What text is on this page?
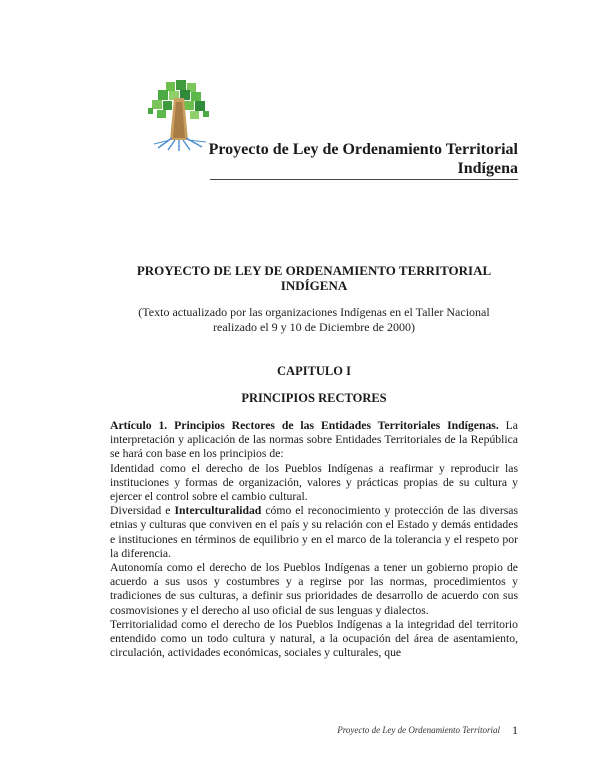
Proyecto de Ley de Ordenamiento Territorial
Indígena
PROYECTO DE LEY DE ORDENAMIENTO TERRITORIAL
INDÍGENA
(Texto actualizado por las organizaciones Indígenas en el Taller Nacional
realizado el 9 y 10 de Diciembre de 2000)
CAPITULO I
PRINCIPIOS RECTORES

Artículo 1. Principios Rectores de las Entidades Territoriales Indígenas. La interpretación y aplicación de las normas sobre Entidades Territoriales de la República se hará con base en los principios de:

Identidad como el derecho de los Pueblos Indígenas a reafirmar y reproducir las instituciones y formas de organización, valores y prácticas propias de su cultura y ejercer el control sobre el cambio cultural.

Diversidad e Interculturalidad cómo el reconocimiento y protección de las diversas etnias y culturas que conviven en el país y su relación con el Estado y demás entidades e instituciones en términos de equilibrio y en el marco de la tolerancia y el respeto por la diferencia.

Autonomía como el derecho de los Pueblos Indígenas a tener un gobierno propio de acuerdo a sus usos y costumbres y a regirse por las normas, procedimientos y tradiciones de sus culturas, a definir sus prioridades de desarrollo de acuerdo con sus cosmovisiones y el derecho al uso oficial de sus lenguas y dialectos.

Territorialidad como el derecho de los Pueblos Indígenas a la integridad del territorio entendido como un todo cultura y natural, a la ocupación del área de asentamiento, circulación, actividades económicas, sociales y culturales, que

Proyecto de Ley de Ordenamiento Territorial 1
